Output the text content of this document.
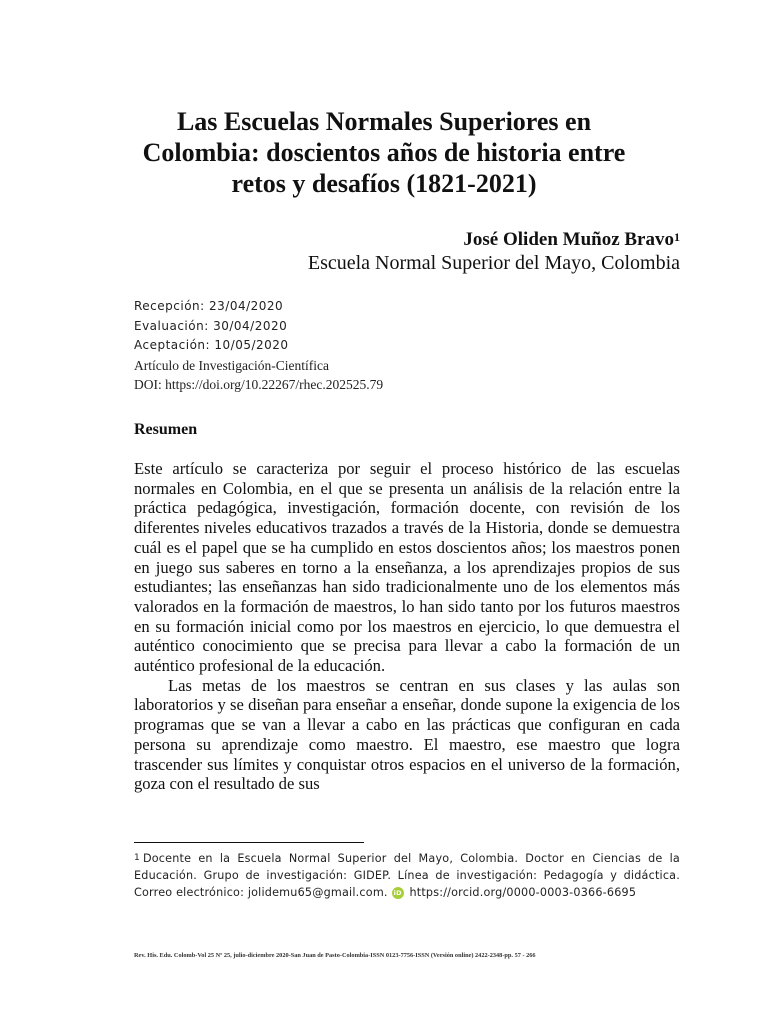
Las Escuelas Normales Superiores en
Colombia: doscientos años de historia entre
retos y desafíos (1821-2021)
José Oliden Muñoz Bravo$^1$
Escuela Normal Superior del Mayo, Colombia
Recepción: 23/04/2020
Evaluación: 30/04/2020
Aceptación: 10/05/2020
Artículo de Investigación-Científica
DOI: https://doi.org/10.22267/rhec.202525.79
Resumen

Este artículo se caracteriza por seguir el proceso histórico de las escuelas normales en Colombia, en el que se presenta un análisis de la relación entre la práctica pedagógica, investigación, formación docente, con revisión de los diferentes niveles educativos trazados a través de la Historia, donde se demuestra cuál es el papel que se ha cumplido en estos doscientos años; los maestros ponen en juego sus saberes en torno a la enseñanza, a los aprendizajes propios de sus estudiantes; las enseñanzas han sido tradicionalmente uno de los elementos más valorados en la formación de maestros, lo han sido tanto por los futuros maestros en su formación inicial como por los maestros en ejercicio, lo que demuestra el auténtico conocimiento que se precisa para llevar a cabo la formación de un auténtico profesional de la educación.

Las metas de los maestros se centran en sus clases y las aulas son laboratorios y se diseñan para enseñar a enseñar, donde supone la exigencia de los programas que se van a llevar a cabo en las prácticas que configuran en cada persona su aprendizaje como maestro. El maestro, ese maestro que logra trascender sus límites y conquistar otros espacios en el universo de la formación, goza con el resultado de sus

$^1$ Docente en la Escuela Normal Superior del Mayo, Colombia. Doctor en Ciencias de la Educación. Grupo de investigación: GIDEP. Línea de investigación: Pedagogía y didáctica. Correo electrónico: jolidemu65@gmail.com. iD https://orcid.org/0000-0003-0366-6695
Rev. His. Edu. Colomb-Vol 25 Nº 25, julio-diciembre 2020-San Juan de Pasto-Colombia-ISSN 0123-7756-ISSN (Versión online) 2422-2348-pp. 57 - 266
